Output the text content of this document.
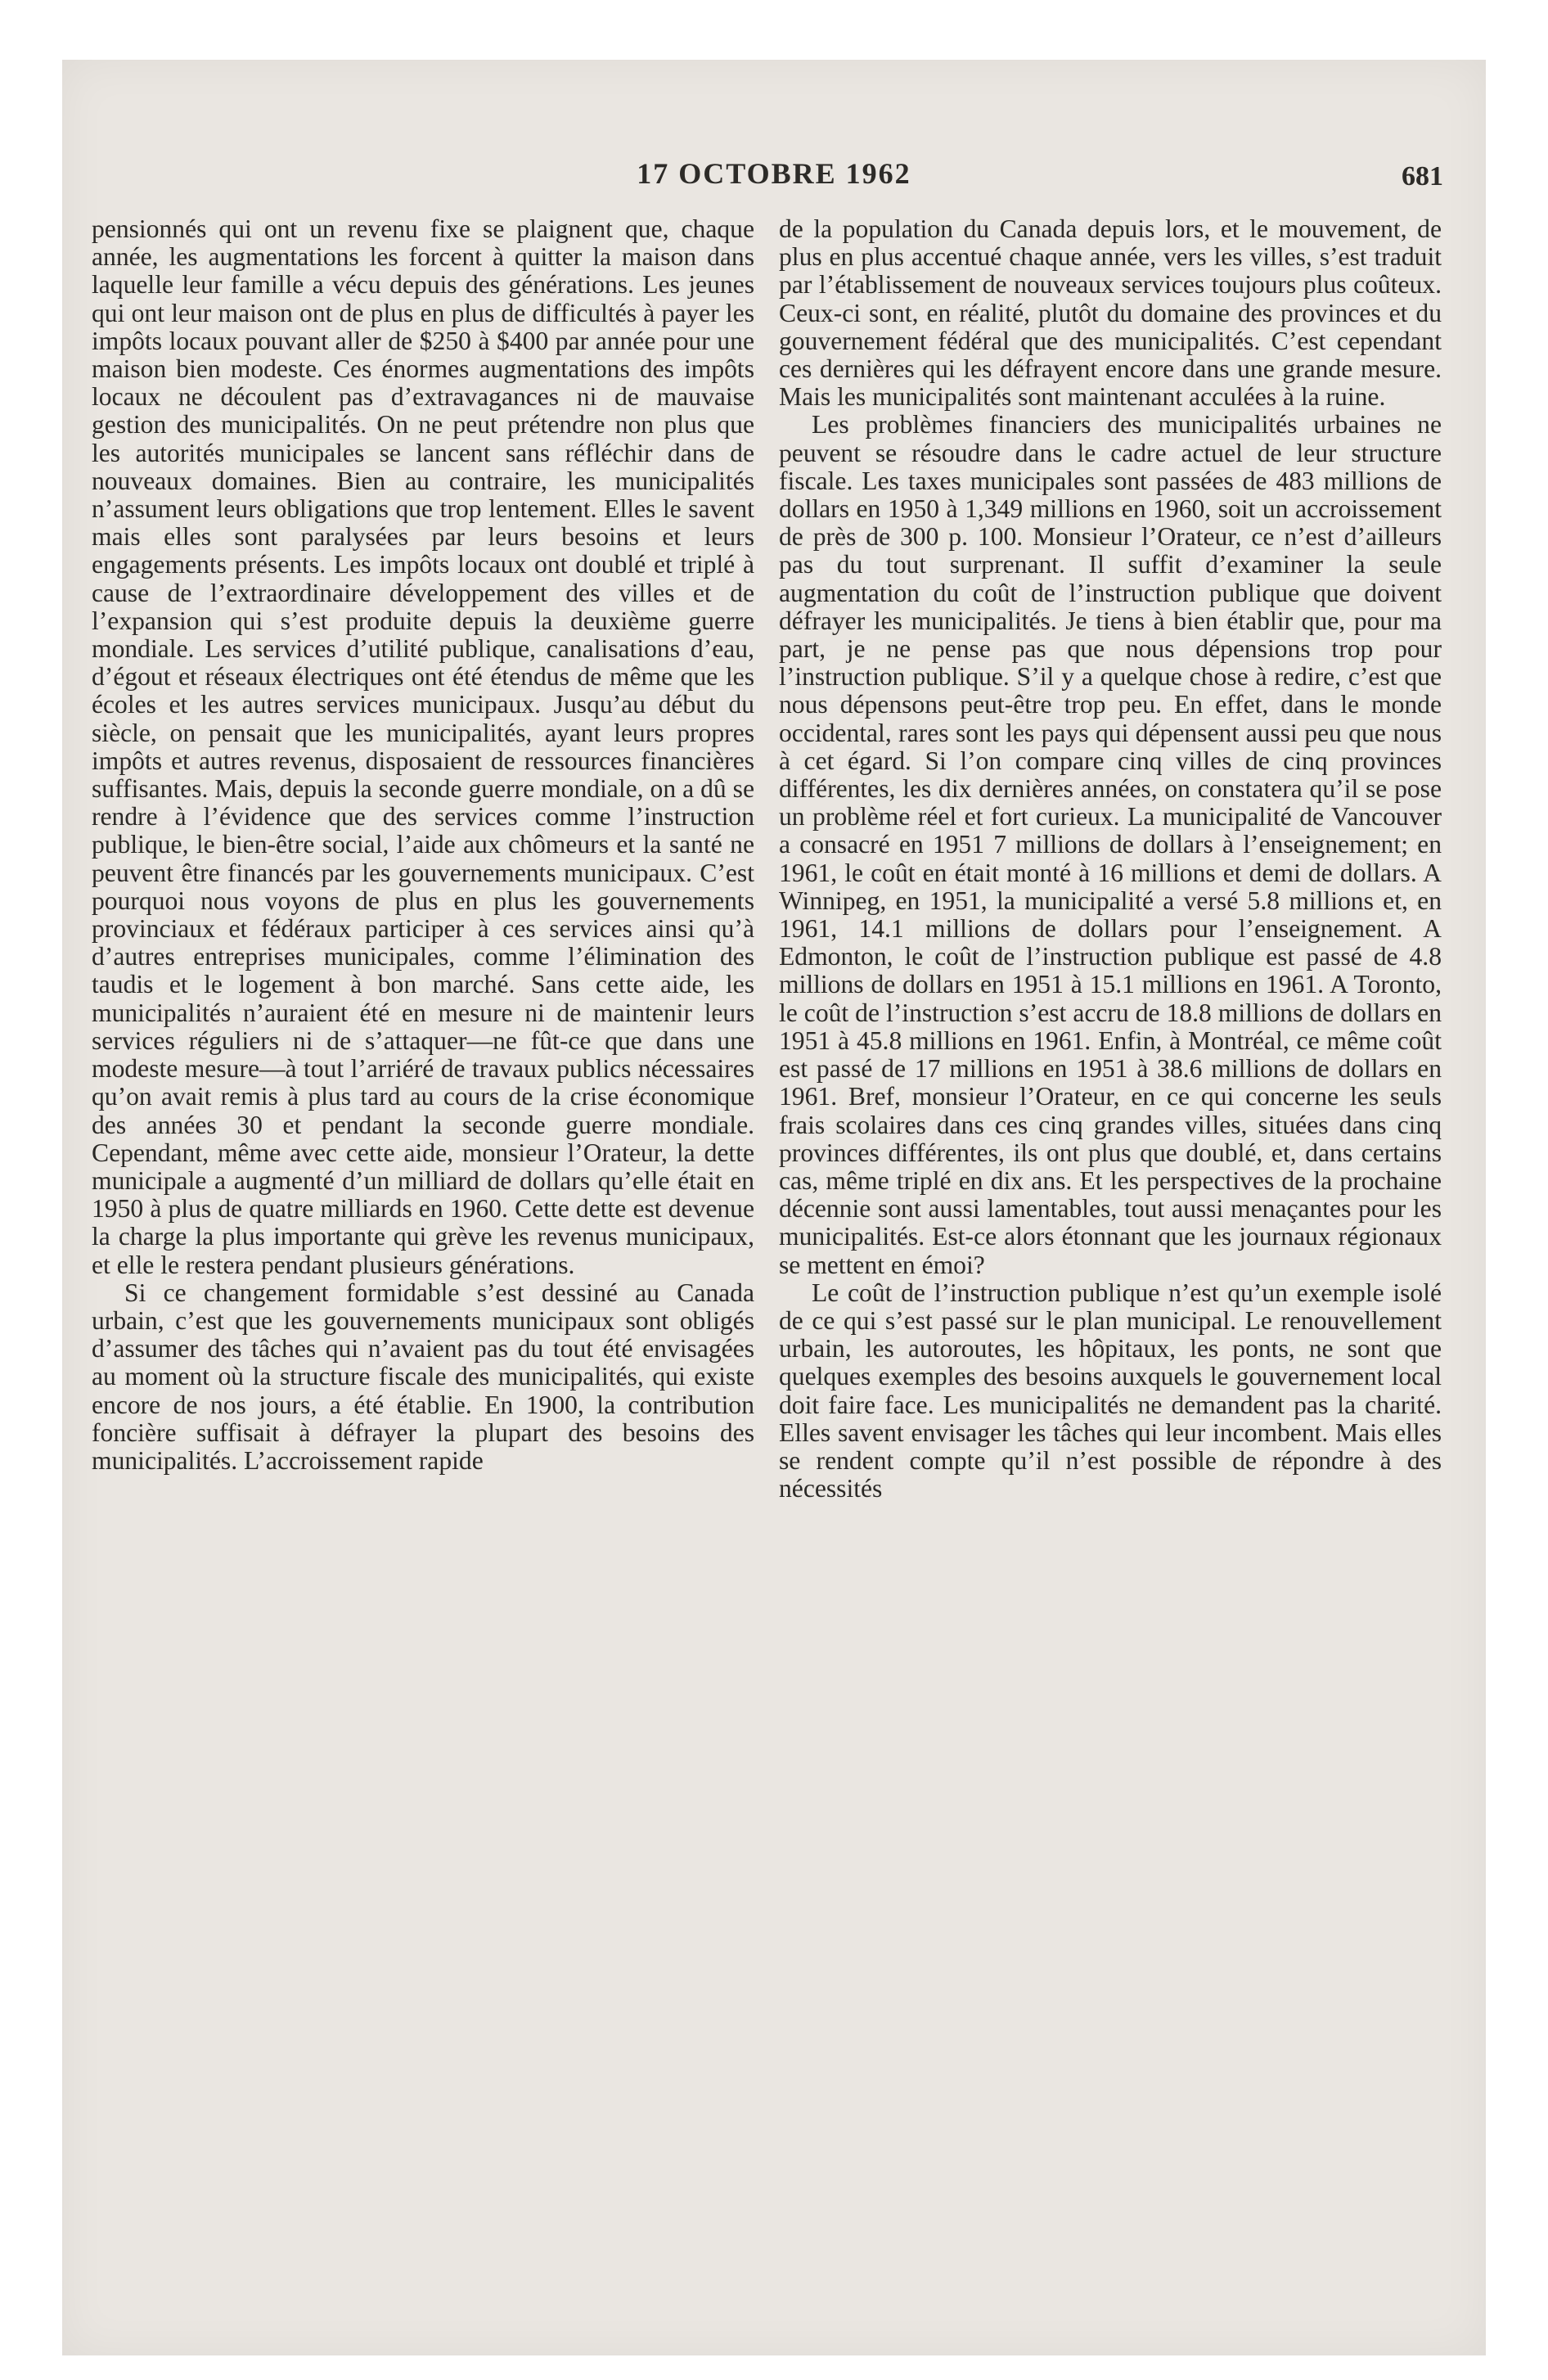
17 OCTOBRE 1962	681

pensionnés qui ont un revenu fixe se plaignent que, chaque année, les augmentations les forcent à quitter la maison dans laquelle leur famille a vécu depuis des générations. Les jeunes qui ont leur maison ont de plus en plus de difficultés à payer les impôts locaux pouvant aller de $250 à $400 par année pour une maison bien modeste. Ces énormes augmentations des impôts locaux ne découlent pas d’extravagances ni de mauvaise gestion des municipalités. On ne peut prétendre non plus que les autorités municipales se lancent sans réfléchir dans de nouveaux domaines. Bien au contraire, les municipalités n’assument leurs obligations que trop lentement. Elles le savent mais elles sont paralysées par leurs besoins et leurs engagements présents. Les impôts locaux ont doublé et triplé à cause de l’extraordinaire développement des villes et de l’expansion qui s’est produite depuis la deuxième guerre mondiale. Les services d’utilité publique, canalisations d’eau, d’égout et réseaux électriques ont été étendus de même que les écoles et les autres services municipaux. Jusqu’au début du siècle, on pensait que les municipalités, ayant leurs propres impôts et autres revenus, disposaient de ressources financières suffisantes. Mais, depuis la seconde guerre mondiale, on a dû se rendre à l’évidence que des services comme l’instruction publique, le bien-être social, l’aide aux chômeurs et la santé ne peuvent être financés par les gouvernements municipaux. C’est pourquoi nous voyons de plus en plus les gouvernements provinciaux et fédéraux participer à ces services ainsi qu’à d’autres entreprises municipales, comme l’élimination des taudis et le logement à bon marché. Sans cette aide, les municipalités n’auraient été en mesure ni de maintenir leurs services réguliers ni de s’attaquer—ne fût-ce que dans une modeste mesure—à tout l’arriéré de travaux publics nécessaires qu’on avait remis à plus tard au cours de la crise économique des années 30 et pendant la seconde guerre mondiale. Cependant, même avec cette aide, monsieur l’Orateur, la dette municipale a augmenté d’un milliard de dollars qu’elle était en 1950 à plus de quatre milliards en 1960. Cette dette est devenue la charge la plus importante qui grève les revenus municipaux, et elle le restera pendant plusieurs générations.

Si ce changement formidable s’est dessiné au Canada urbain, c’est que les gouvernements municipaux sont obligés d’assumer des tâches qui n’avaient pas du tout été envisagées au moment où la structure fiscale des municipalités, qui existe encore de nos jours, a été établie. En 1900, la contribution foncière suffisait à défrayer la plupart des besoins des municipalités. L’accroissement rapide

de la population du Canada depuis lors, et le mouvement, de plus en plus accentué chaque année, vers les villes, s’est traduit par l’établissement de nouveaux services toujours plus coûteux. Ceux-ci sont, en réalité, plutôt du domaine des provinces et du gouvernement fédéral que des municipalités. C’est cependant ces dernières qui les défrayent encore dans une grande mesure. Mais les municipalités sont maintenant acculées à la ruine.

Les problèmes financiers des municipalités urbaines ne peuvent se résoudre dans le cadre actuel de leur structure fiscale. Les taxes municipales sont passées de 483 millions de dollars en 1950 à 1,349 millions en 1960, soit un accroissement de près de 300 p. 100. Monsieur l’Orateur, ce n’est d’ailleurs pas du tout surprenant. Il suffit d’examiner la seule augmentation du coût de l’instruction publique que doivent défrayer les municipalités. Je tiens à bien établir que, pour ma part, je ne pense pas que nous dépensions trop pour l’instruction publique. S’il y a quelque chose à redire, c’est que nous dépensons peut-être trop peu. En effet, dans le monde occidental, rares sont les pays qui dépensent aussi peu que nous à cet égard. Si l’on compare cinq villes de cinq provinces différentes, les dix dernières années, on constatera qu’il se pose un problème réel et fort curieux. La municipalité de Vancouver a consacré en 1951 7 millions de dollars à l’enseignement; en 1961, le coût en était monté à 16 millions et demi de dollars. A Winnipeg, en 1951, la municipalité a versé 5.8 millions et, en 1961, 14.1 millions de dollars pour l’enseignement. A Edmonton, le coût de l’instruction publique est passé de 4.8 millions de dollars en 1951 à 15.1 millions en 1961. A Toronto, le coût de l’instruction s’est accru de 18.8 millions de dollars en 1951 à 45.8 millions en 1961. Enfin, à Montréal, ce même coût est passé de 17 millions en 1951 à 38.6 millions de dollars en 1961. Bref, monsieur l’Orateur, en ce qui concerne les seuls frais scolaires dans ces cinq grandes villes, situées dans cinq provinces différentes, ils ont plus que doublé, et, dans certains cas, même triplé en dix ans. Et les perspectives de la prochaine décennie sont aussi lamentables, tout aussi menaçantes pour les municipalités. Est-ce alors étonnant que les journaux régionaux se mettent en émoi?

Le coût de l’instruction publique n’est qu’un exemple isolé de ce qui s’est passé sur le plan municipal. Le renouvellement urbain, les autoroutes, les hôpitaux, les ponts, ne sont que quelques exemples des besoins auxquels le gouvernement local doit faire face. Les municipalités ne demandent pas la charité. Elles savent envisager les tâches qui leur incombent. Mais elles se rendent compte qu’il n’est possible de répondre à des nécessités
